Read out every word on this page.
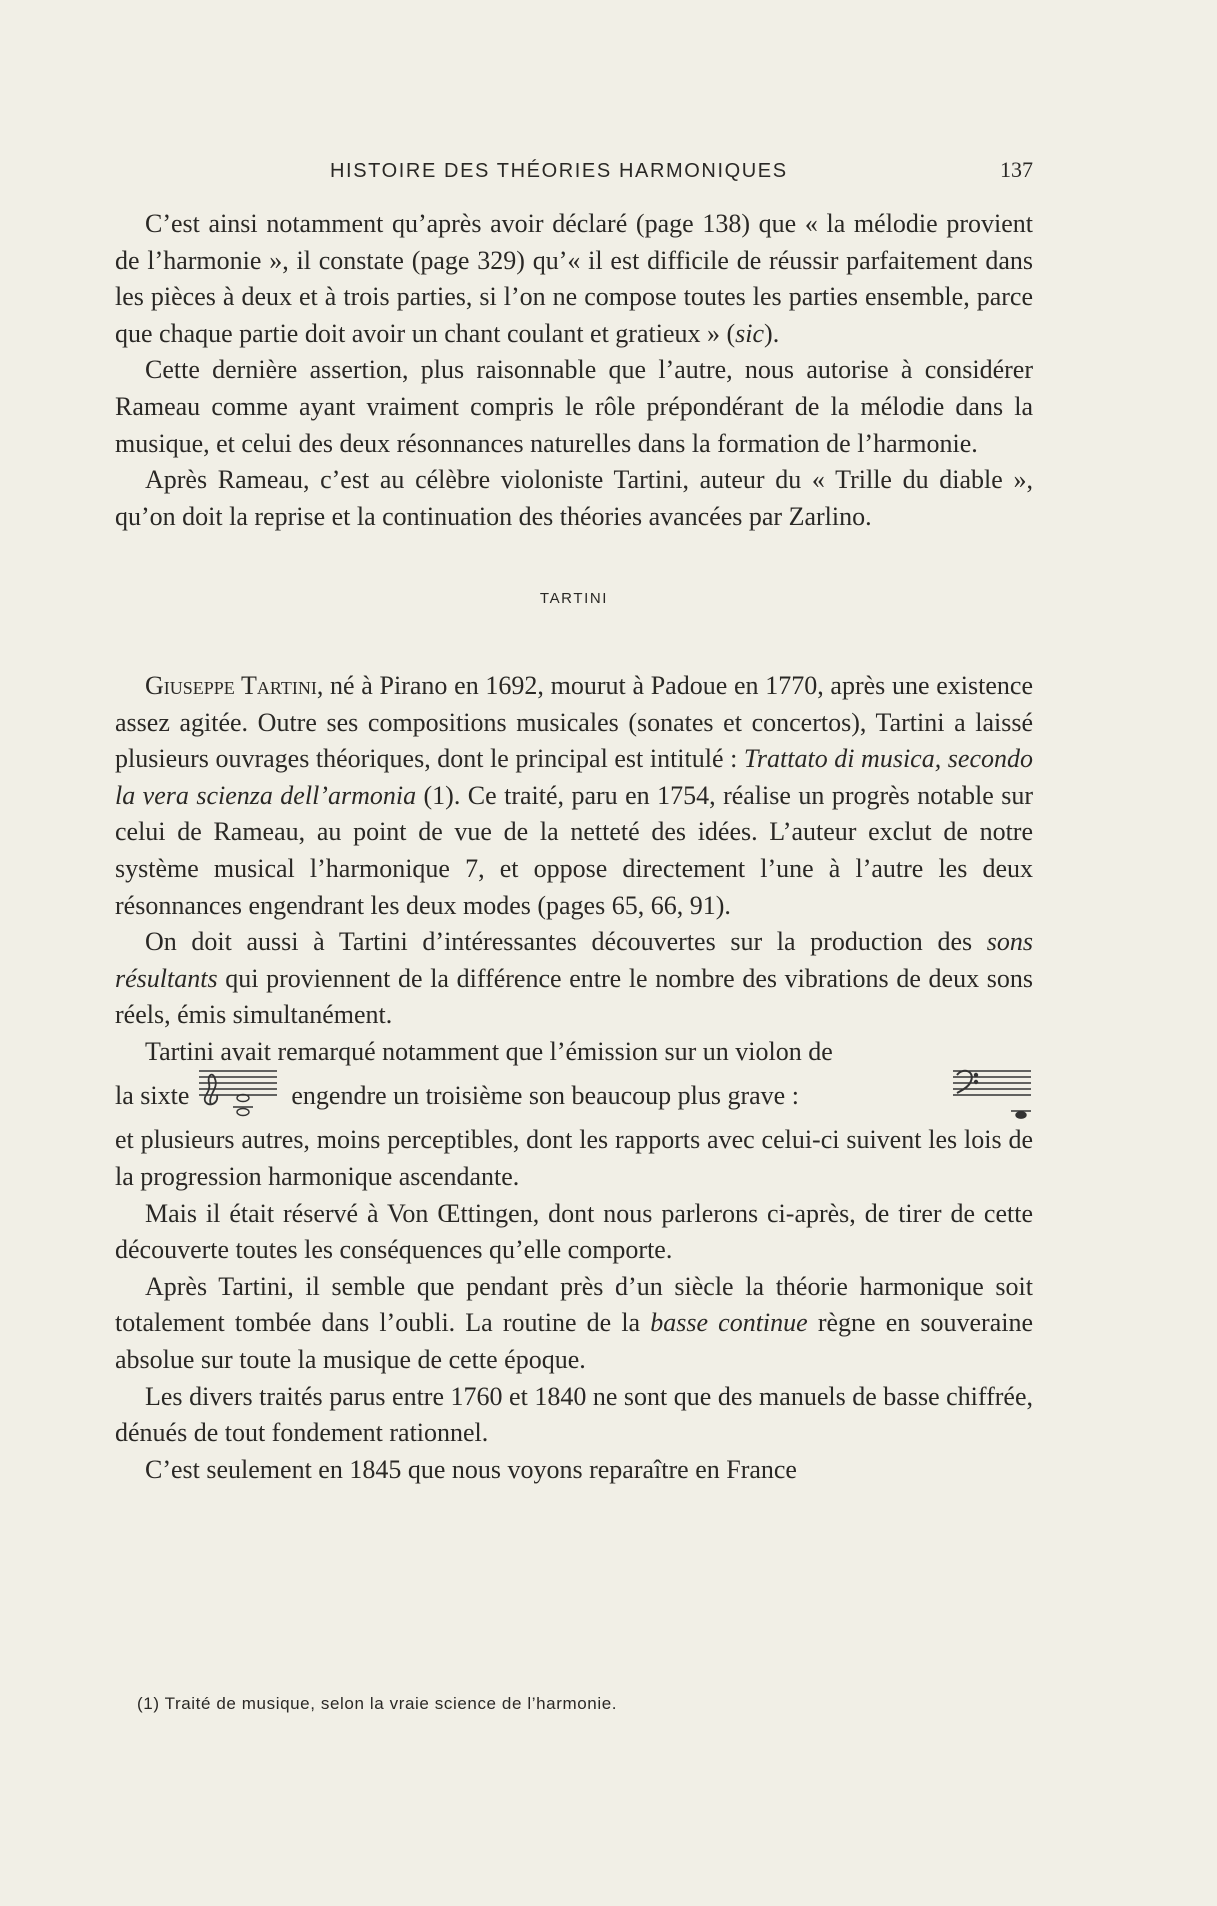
HISTOIRE DES THÉORIES HARMONIQUES	137

C’est ainsi notamment qu’après avoir déclaré (page 138) que « la mélodie provient de l’harmonie », il constate (page 329) qu’« il est difficile de réussir parfaitement dans les pièces à deux et à trois parties, si l’on ne compose toutes les parties ensemble, parce que chaque partie doit avoir un chant coulant et gratieux » (sic).

Cette dernière assertion, plus raisonnable que l’autre, nous autorise à considérer Rameau comme ayant vraiment compris le rôle prépondérant de la mélodie dans la musique, et celui des deux résonnances naturelles dans la formation de l’harmonie.

Après Rameau, c’est au célèbre violoniste Tartini, auteur du « Trille du diable », qu’on doit la reprise et la continuation des théories avancées par Zarlino.

TARTINI

Giuseppe Tartini, né à Pirano en 1692, mourut à Padoue en 1770, après une existence assez agitée. Outre ses compositions musicales (sonates et concertos), Tartini a laissé plusieurs ouvrages théoriques, dont le principal est intitulé : Trattato di musica, secondo la vera scienza dell’armonia (1). Ce traité, paru en 1754, réalise un progrès notable sur celui de Rameau, au point de vue de la netteté des idées. L’auteur exclut de notre système musical l’harmonique 7, et oppose directement l’une à l’autre les deux résonnances engendrant les deux modes (pages 65, 66, 91).

On doit aussi à Tartini d’intéressantes découvertes sur la production des sons résultants qui proviennent de la différence entre le nombre des vibrations de deux sons réels, émis simultanément.

Tartini avait remarqué notamment que l’émission sur un violon de

la sixte	engendre un troisième son beaucoup plus grave :

et plusieurs autres, moins perceptibles, dont les rapports avec celui-ci suivent les lois de la progression harmonique ascendante.

Mais il était réservé à Von Œttingen, dont nous parlerons ci-après, de tirer de cette découverte toutes les conséquences qu’elle comporte.

Après Tartini, il semble que pendant près d’un siècle la théorie harmonique soit totalement tombée dans l’oubli. La routine de la basse continue règne en souveraine absolue sur toute la musique de cette époque.

Les divers traités parus entre 1760 et 1840 ne sont que des manuels de basse chiffrée, dénués de tout fondement rationnel.

C’est seulement en 1845 que nous voyons reparaître en France

(1) Traité de musique, selon la vraie science de l’harmonie.
